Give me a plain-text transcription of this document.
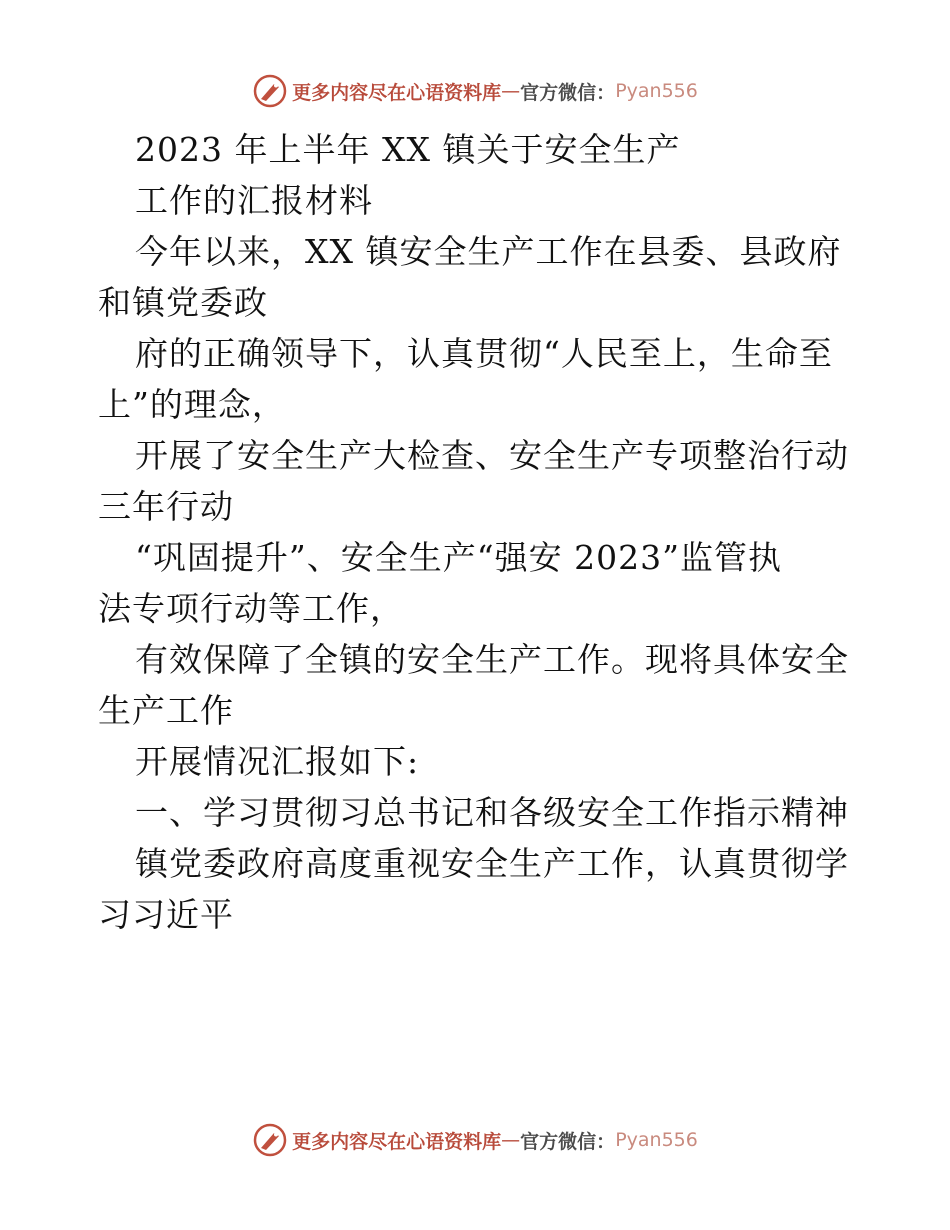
更多内容尽在心语资料库 — 官方微信： Pyan556
2023 年上半年 XX 镇关于安全生产
工作的汇报材料
今年以来，XX 镇安全生产工作在县委、县政府
和镇党委政
府的正确领导下，认真贯彻“人民至上，生命至
上”的理念，
开展了安全生产大检查、安全生产专项整治行动
三年行动
“巩固提升”、安全生产“强安 2023”监管执
法专项行动等工作，
有效保障了全镇的安全生产工作。现将具体安全
生产工作
开展情况汇报如下:
一、学习贯彻习总书记和各级安全工作指示精神
镇党委政府高度重视安全生产工作，认真贯彻学
习习近平
更多内容尽在心语资料库 — 官方微信： Pyan556
